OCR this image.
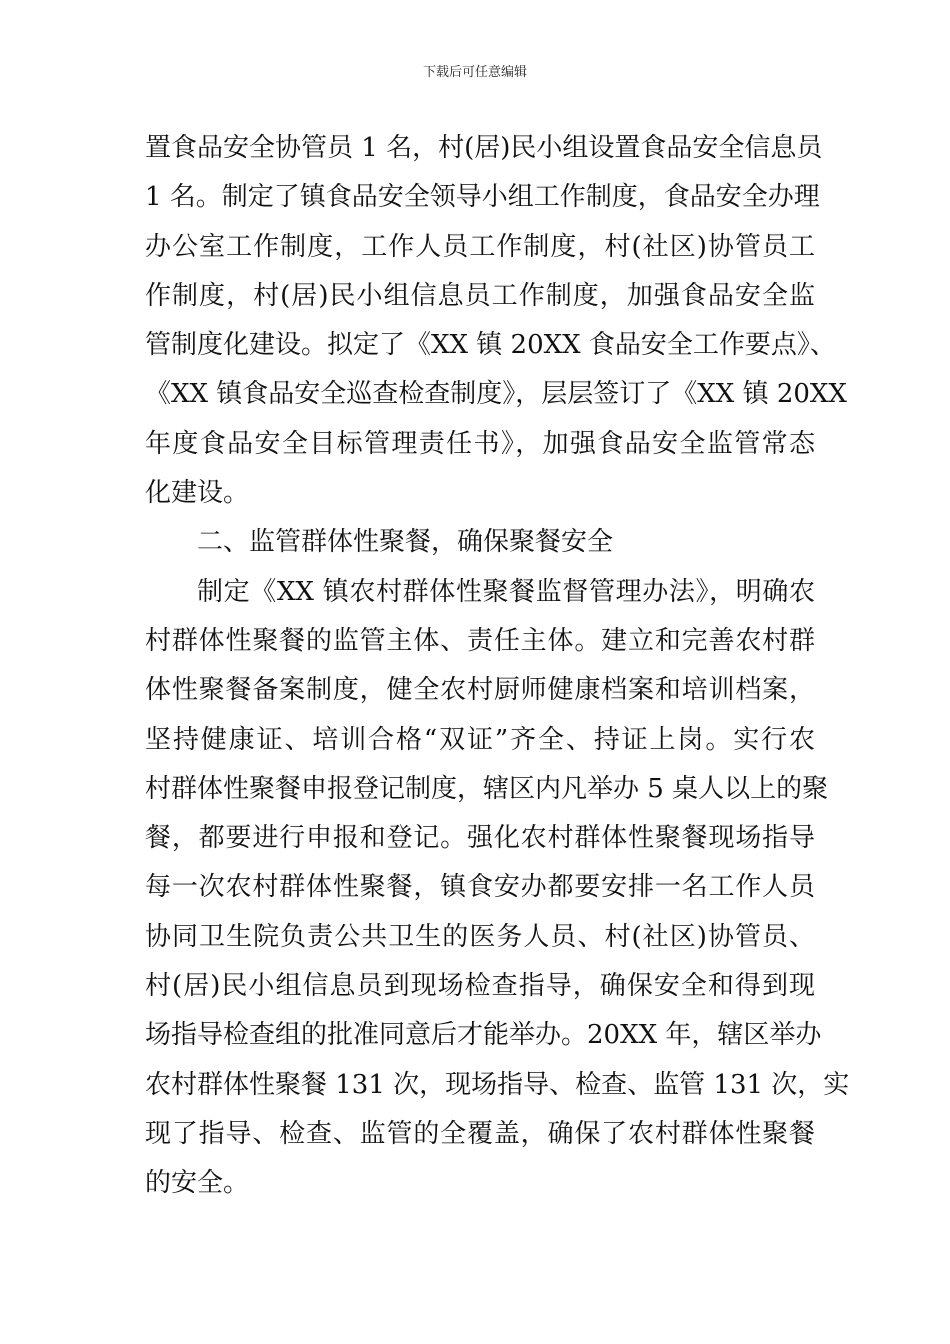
下载后可任意编辑
置食品安全协管员 1 名，村(居)民小组设置食品安全信息员
1 名。制定了镇食品安全领导小组工作制度，食品安全办理
办公室工作制度，工作人员工作制度，村(社区)协管员工
作制度，村(居)民小组信息员工作制度，加强食品安全监
管制度化建设。拟定了《XX 镇 20XX 食品安全工作要点》、
《XX 镇食品安全巡查检查制度》，层层签订了《XX 镇 20XX
年度食品安全目标管理责任书》，加强食品安全监管常态
化建设。
二、监管群体性聚餐，确保聚餐安全
制定《XX 镇农村群体性聚餐监督管理办法》，明确农
村群体性聚餐的监管主体、责任主体。建立和完善农村群
体性聚餐备案制度，健全农村厨师健康档案和培训档案，
坚持健康证、培训合格“双证”齐全、持证上岗。实行农
村群体性聚餐申报登记制度，辖区内凡举办 5 桌人以上的聚
餐，都要进行申报和登记。强化农村群体性聚餐现场指导
每一次农村群体性聚餐，镇食安办都要安排一名工作人员
协同卫生院负责公共卫生的医务人员、村(社区)协管员、
村(居)民小组信息员到现场检查指导，确保安全和得到现
场指导检查组的批准同意后才能举办。20XX 年，辖区举办
农村群体性聚餐 131 次，现场指导、检查、监管 131 次，实
现了指导、检查、监管的全覆盖，确保了农村群体性聚餐
的安全。
